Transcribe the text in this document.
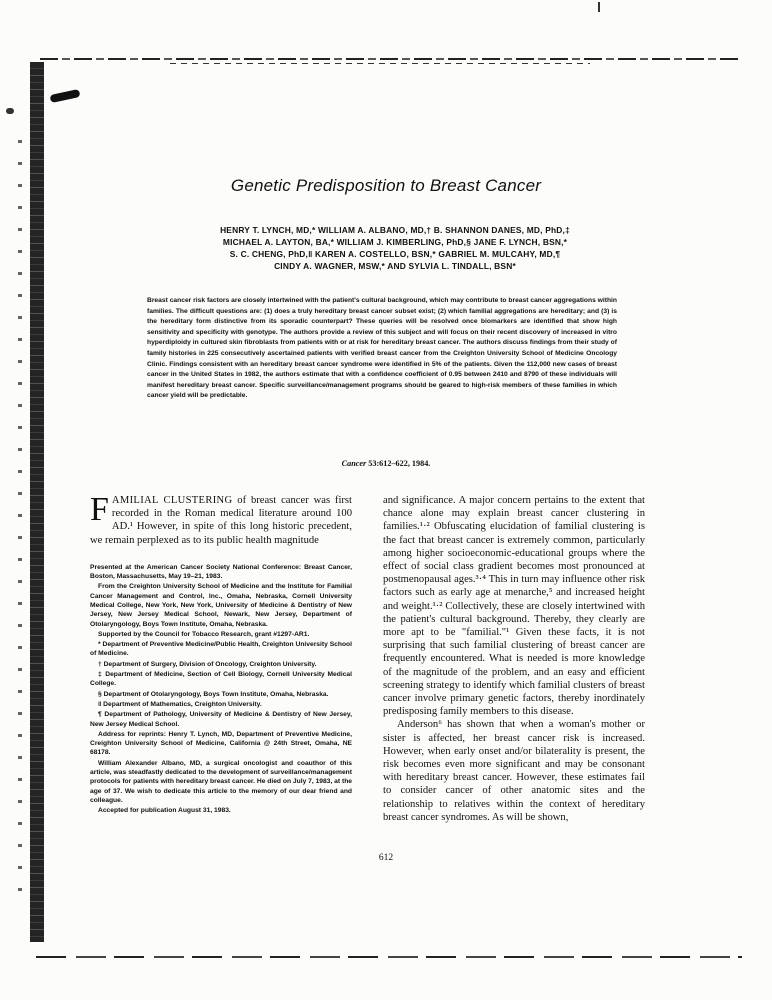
Genetic Predisposition to Breast Cancer
HENRY T. LYNCH, MD,* WILLIAM A. ALBANO, MD,† B. SHANNON DANES, MD, PhD,‡
MICHAEL A. LAYTON, BA,* WILLIAM J. KIMBERLING, PhD,§ JANE F. LYNCH, BSN,*
S. C. CHENG, PhD,‖ KAREN A. COSTELLO, BSN,* GABRIEL M. MULCAHY, MD,¶
CINDY A. WAGNER, MSW,* AND SYLVIA L. TINDALL, BSN*
Breast cancer risk factors are closely intertwined with the patient's cultural background, which may contribute to breast cancer aggregations within families. The difficult questions are: (1) does a truly hereditary breast cancer subset exist; (2) which familial aggregations are hereditary; and (3) is the hereditary form distinctive from its sporadic counterpart? These queries will be resolved once biomarkers are identified that show high sensitivity and specificity with genotype. The authors provide a review of this subject and will focus on their recent discovery of increased in vitro hyperdiploidy in cultured skin fibroblasts from patients with or at risk for hereditary breast cancer. The authors discuss findings from their study of family histories in 225 consecutively ascertained patients with verified breast cancer from the Creighton University School of Medicine Oncology Clinic. Findings consistent with an hereditary breast cancer syndrome were identified in 5% of the patients. Given the 112,000 new cases of breast cancer in the United States in 1982, the authors estimate that with a confidence coefficient of 0.95 between 2410 and 8790 of these individuals will manifest hereditary breast cancer. Specific surveillance/management programs should be geared to high-risk members of these families in which cancer yield will be predictable.
Cancer 53:612–622, 1984.

FAMILIAL CLUSTERING of breast cancer was first recorded in the Roman medical literature around 100 AD.¹ However, in spite of this long historic precedent, we remain perplexed as to its public health magnitude

Presented at the American Cancer Society National Conference: Breast Cancer, Boston, Massachusetts, May 19–21, 1983.

From the Creighton University School of Medicine and the Institute for Familial Cancer Management and Control, Inc., Omaha, Nebraska, Cornell University Medical College, New York, New York, University of Medicine & Dentistry of New Jersey, New Jersey Medical School, Newark, New Jersey, Department of Otolaryngology, Boys Town Institute, Omaha, Nebraska.

Supported by the Council for Tobacco Research, grant #1297-AR1.

* Department of Preventive Medicine/Public Health, Creighton University School of Medicine.

† Department of Surgery, Division of Oncology, Creighton University.

‡ Department of Medicine, Section of Cell Biology, Cornell University Medical College.

§ Department of Otolaryngology, Boys Town Institute, Omaha, Nebraska.

‖ Department of Mathematics, Creighton University.

¶ Department of Pathology, University of Medicine & Dentistry of New Jersey, New Jersey Medical School.

Address for reprints: Henry T. Lynch, MD, Department of Preventive Medicine, Creighton University School of Medicine, California @ 24th Street, Omaha, NE 68178.

William Alexander Albano, MD, a surgical oncologist and coauthor of this article, was steadfastly dedicated to the development of surveillance/management protocols for patients with hereditary breast cancer. He died on July 7, 1983, at the age of 37. We wish to dedicate this article to the memory of our dear friend and colleague.

Accepted for publication August 31, 1983.

and significance. A major concern pertains to the extent that chance alone may explain breast cancer clustering in families.¹·² Obfuscating elucidation of familial clustering is the fact that breast cancer is extremely common, particularly among higher socioeconomic-educational groups where the effect of social class gradient becomes most pronounced at postmenopausal ages.³·⁴ This in turn may influence other risk factors such as early age at menarche,⁵ and increased height and weight.¹·² Collectively, these are closely intertwined with the patient's cultural background. Thereby, they clearly are more apt to be "familial."¹ Given these facts, it is not surprising that such familial clustering of breast cancer are frequently encountered. What is needed is more knowledge of the magnitude of the problem, and an easy and efficient screening strategy to identify which familial clusters of breast cancer involve primary genetic factors, thereby inordinately predisposing family members to this disease.

Anderson⁶ has shown that when a woman's mother or sister is affected, her breast cancer risk is increased. However, when early onset and/or bilaterality is present, the risk becomes even more significant and may be consonant with hereditary breast cancer. However, these estimates fail to consider cancer of other anatomic sites and the relationship to relatives within the context of hereditary breast cancer syndromes. As will be shown,

612
